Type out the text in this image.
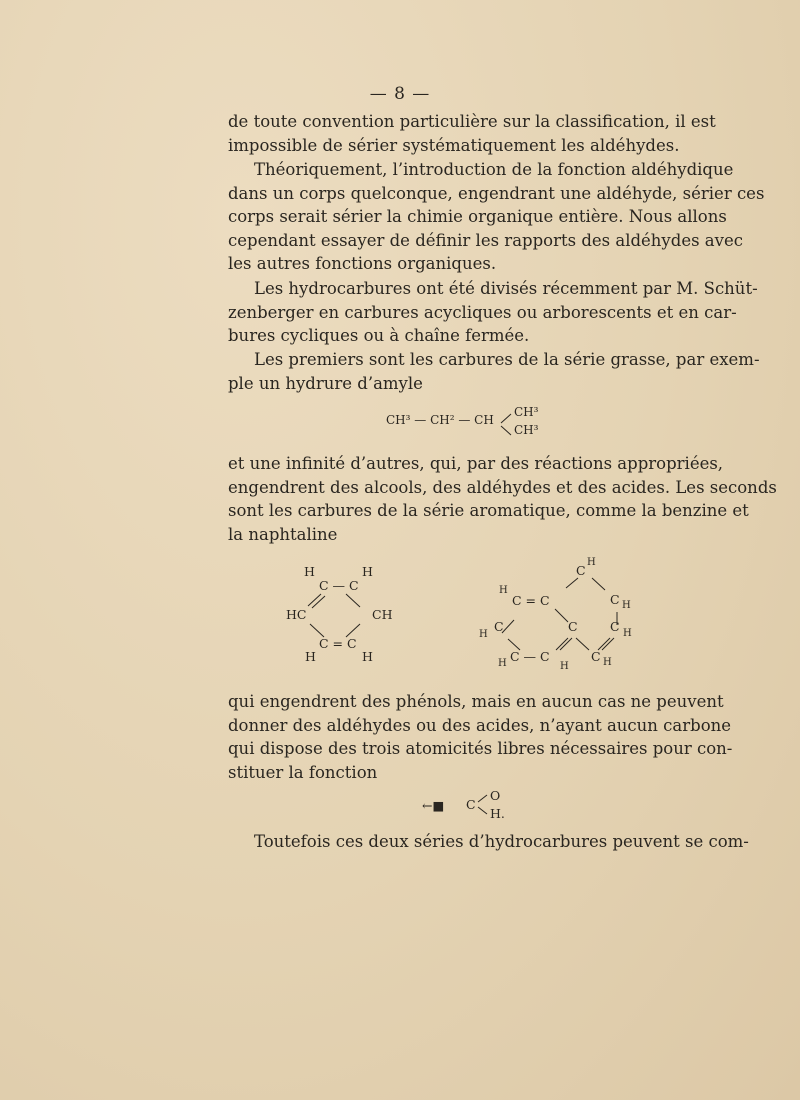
— 8 —
de toute convention particulière sur la classification, il est
impossible de sérier systématiquement les aldéhydes.
Théoriquement, l’introduction de la fonction aldéhydique
dans un corps quelconque, engendrant une aldéhyde, sérier ces
corps serait sérier la chimie organique entière. Nous allons
cependant essayer de définir les rapports des aldéhydes avec
les autres fonctions organiques.
Les hydrocarbures ont été divisés récemment par M. Schüt-
zenberger en carbures acycliques ou arborescents et en car-
bures cycliques ou à chaîne fermée.
Les premiers sont les carbures de la série grasse, par exem-
ple un hydrure d’amyle
CH³ — CH² — CH
CH³
CH³
et une infinité d’autres, qui, par des réactions appropriées,
engendrent des alcools, des aldéhydes et des acides. Les seconds
sont les carbures de la série aromatique, comme la benzine et
la naphtaline
H	H
C — C
HC	CH
C = C
H	H
C
H
H
C = C	C H
C	C	C
H	H
H C — C
H
C H
qui engendrent des phénols, mais en aucun cas ne peuvent
donner des aldéhydes ou des acides, n’ayant aucun carbone
qui dispose des trois atomicités libres nécessaires pour con-
stituer la fonction
←■ C
O
H.
Toutefois ces deux séries d’hydrocarbures peuvent se com-
